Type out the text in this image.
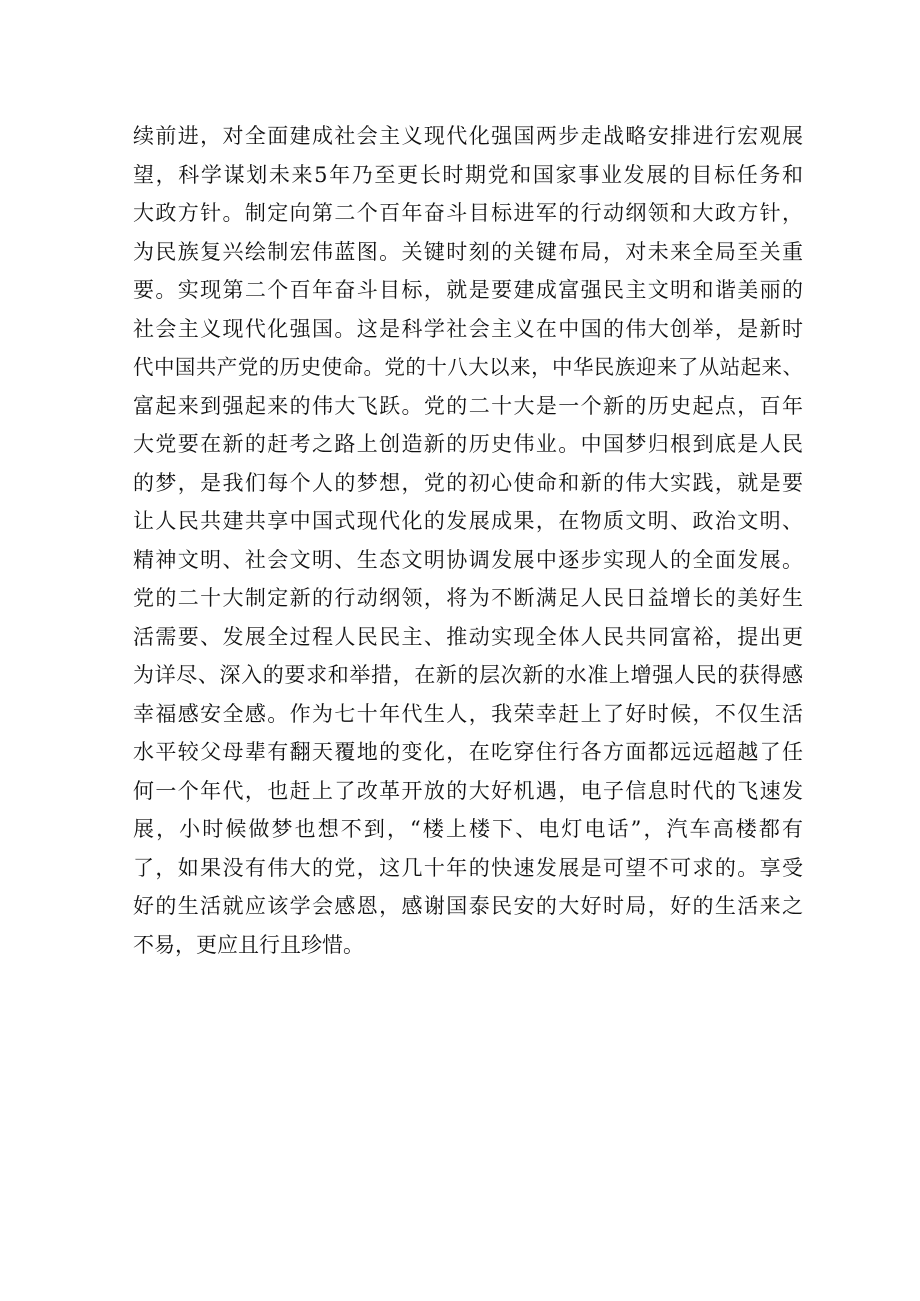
续前进，对全面建成社会主义现代化强国两步走战略安排进行宏观展
望，科学谋划未来5年乃至更长时期党和国家事业发展的目标任务和
大政方针。制定向第二个百年奋斗目标进军的行动纲领和大政方针，
为民族复兴绘制宏伟蓝图。关键时刻的关键布局，对未来全局至关重
要。实现第二个百年奋斗目标，就是要建成富强民主文明和谐美丽的
社会主义现代化强国。这是科学社会主义在中国的伟大创举，是新时
代中国共产党的历史使命。党的十八大以来，中华民族迎来了从站起来、
富起来到强起来的伟大飞跃。党的二十大是一个新的历史起点，百年
大党要在新的赶考之路上创造新的历史伟业。中国梦归根到底是人民
的梦，是我们每个人的梦想，党的初心使命和新的伟大实践，就是要
让人民共建共享中国式现代化的发展成果，在物质文明、政治文明、
精神文明、社会文明、生态文明协调发展中逐步实现人的全面发展。
党的二十大制定新的行动纲领，将为不断满足人民日益增长的美好生
活需要、发展全过程人民民主、推动实现全体人民共同富裕，提出更
为详尽、深入的要求和举措，在新的层次新的水准上增强人民的获得感
幸福感安全感。作为七十年代生人，我荣幸赶上了好时候，不仅生活
水平较父母辈有翻天覆地的变化，在吃穿住行各方面都远远超越了任
何一个年代，也赶上了改革开放的大好机遇，电子信息时代的飞速发
展，小时候做梦也想不到，“楼上楼下、电灯电话”，汽车高楼都有
了，如果没有伟大的党，这几十年的快速发展是可望不可求的。享受
好的生活就应该学会感恩，感谢国泰民安的大好时局，好的生活来之
不易，更应且行且珍惜。
